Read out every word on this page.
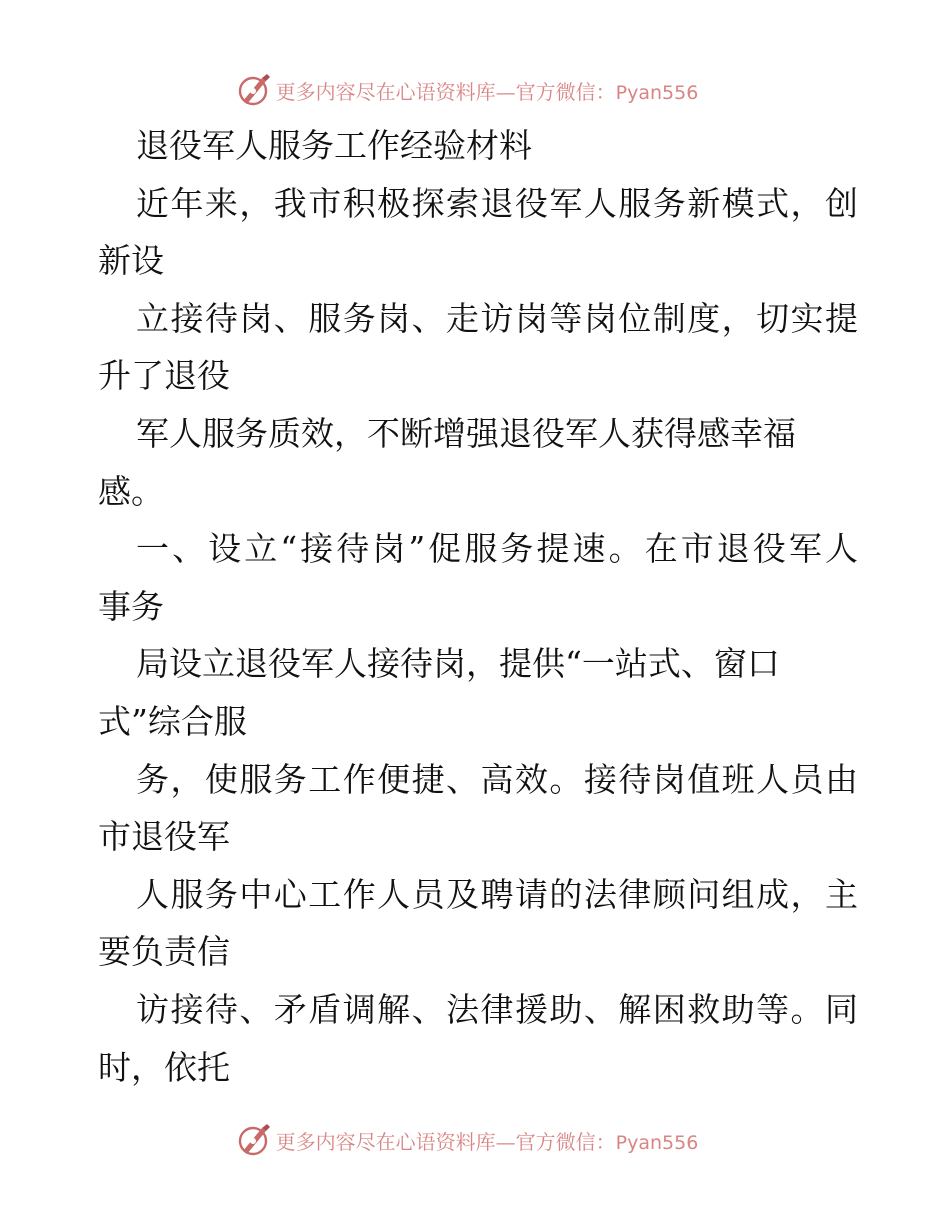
更多内容尽在心语资料库—官方微信：Pyan556
退役军人服务工作经验材料
近年来，我市积极探索退役军人服务新模式，创
新设
立接待岗、服务岗、走访岗等岗位制度，切实提
升了退役
军人服务质效，不断增强退役军人获得感幸福
感。
一、设立“接待岗”促服务提速。在市退役军人
事务
局设立退役军人接待岗，提供“一站式、窗口
式”综合服
务，使服务工作便捷、高效。接待岗值班人员由
市退役军
人服务中心工作人员及聘请的法律顾问组成，主
要负责信
访接待、矛盾调解、法律援助、解困救助等。同
时，依托
更多内容尽在心语资料库—官方微信：Pyan556
